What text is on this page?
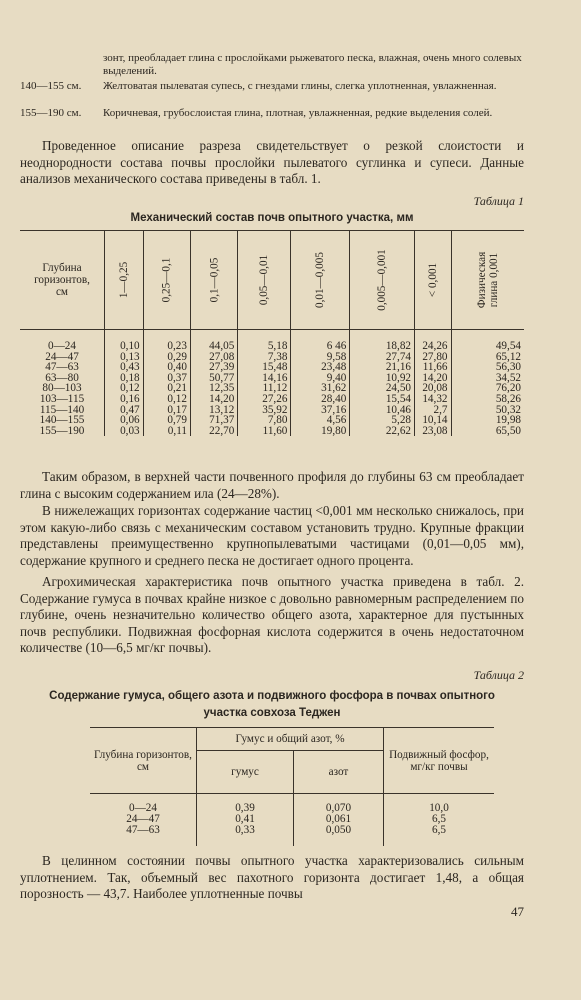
зонт, преобладает глина с прослойками рыжеватого песка, влажная, очень много солевых выделений.
140—155 см. Желтоватая пылеватая супесь, с гнездами глины, слегка уплотненная, увлажненная.
155—190 см. Коричневая, грубослоистая глина, плотная, увлажненная, редкие выделения солей.

Проведенное описание разреза свидетельствует о резкой слоистости и неоднородности состава почвы прослойки пылеватого суглинка и супеси. Данные анализов механического состава приведены в табл. 1.

Таблица 1
Механический состав почв опытного участка, мм
Глубина горизонтов, см	1—0,25	0,25—0,1	0,1—0,05	0,05—0,01	0,01—0,005	0,005—0,001	< 0,001	Физическая глина 0,001
0—24	0,10	0,23	44,05	5,18	6 46	18,82	24,26	49,54
24—47	0,13	0,29	27,08	7,38	9,58	27,74	27,80	65,12
47—63	0,43	0,40	27,39	15,48	23,48	21,16	11,66	56,30
63—80	0,18	0,37	50,77	14,16	9,40	10,92	14,20	34,52
80—103	0,12	0,21	12,35	11,12	31,62	24,50	20,08	76,20
103—115	0,16	0,12	14,20	27,26	28,40	15,54	14,32	58,26
115—140	0,47	0,17	13,12	35,92	37,16	10,46	2,7	50,32
140—155	0,06	0,79	71,37	7,80	4,56	5,28	10,14	19,98
155—190	0,03	0,11	22,70	11,60	19,80	22,62	23,08	65,50

Таким образом, в верхней части почвенного профиля до глубины 63 см преобладает глина с высоким содержанием ила (24—28%).

В нижележащих горизонтах содержание частиц <0,001 мм несколько снижалось, при этом какую-либо связь с механическим составом установить трудно. Крупные фракции представлены преимущественно крупнопылеватыми частицами (0,01—0,05 мм), содержание крупного и среднего песка не достигает одного процента.

Агрохимическая характеристика почв опытного участка приведена в табл. 2. Содержание гумуса в почвах крайне низкое с довольно равномерным распределением по глубине, очень незначительно количество общего азота, характерное для пустынных почв республики. Подвижная фосфорная кислота содержится в очень недостаточном количестве (10—6,5 мг/кг почвы).

Таблица 2
Содержание гумуса, общего азота и подвижного фосфора в почвах опытного
участка совхоза Теджен
Глубина горизонтов, см	Гумус и общий азот, %		Подвижный фосфор, мг/кг почвы
	гумус	азот	
0—24	0,39	0,070	10,0
24—47	0,41	0,061	6,5
47—63	0,33	0,050	6,5

В целинном состоянии почвы опытного участка характеризовались сильным уплотнением. Так, объемный вес пахотного горизонта достигает 1,48, а общая порозность — 43,7. Наиболее уплотненные почвы

47
